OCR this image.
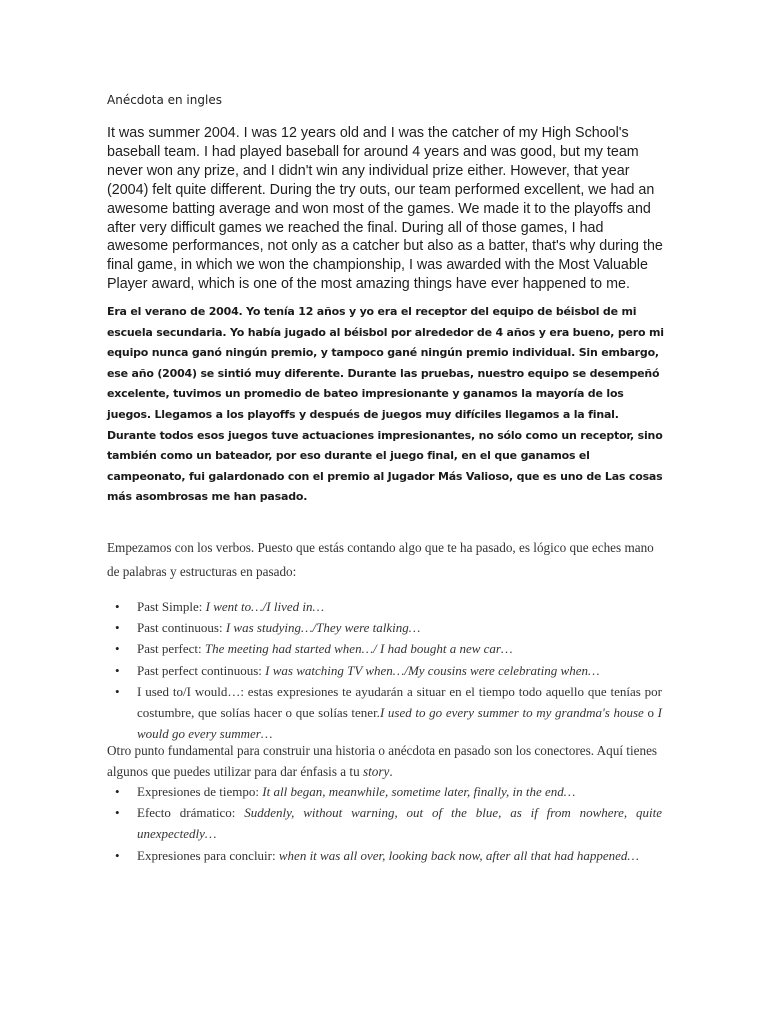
Anécdota en ingles

It was summer 2004. I was 12 years old and I was the catcher of my High School's baseball team. I had played baseball for around 4 years and was good, but my team never won any prize, and I didn't win any individual prize either. However, that year (2004) felt quite different. During the try outs, our team performed excellent, we had an awesome batting average and won most of the games. We made it to the playoffs and after very difficult games we reached the final. During all of those games, I had awesome performances, not only as a catcher but also as a batter, that's why during the final game, in which we won the championship, I was awarded with the Most Valuable Player award, which is one of the most amazing things have ever happened to me.

Era el verano de 2004. Yo tenía 12 años y yo era el receptor del equipo de béisbol de mi escuela secundaria. Yo había jugado al béisbol por alrededor de 4 años y era bueno, pero mi equipo nunca ganó ningún premio, y tampoco gané ningún premio individual. Sin embargo, ese año (2004) se sintió muy diferente. Durante las pruebas, nuestro equipo se desempeñó excelente, tuvimos un promedio de bateo impresionante y ganamos la mayoría de los juegos. Llegamos a los playoffs y después de juegos muy difíciles llegamos a la final. Durante todos esos juegos tuve actuaciones impresionantes, no sólo como un receptor, sino también como un bateador, por eso durante el juego final, en el que ganamos el campeonato, fui galardonado con el premio al Jugador Más Valioso, que es uno de Las cosas más asombrosas me han pasado.

Empezamos con los verbos. Puesto que estás contando algo que te ha pasado, es lógico que eches mano de palabras y estructuras en pasado:

• Past Simple: I went to…/I lived in…
• Past continuous: I was studying…/They were talking…
• Past perfect: The meeting had started when…/ I had bought a new car…
• Past perfect continuous: I was watching TV when…/My cousins were celebrating when…
• I used to/I would…: estas expresiones te ayudarán a situar en el tiempo todo aquello que tenías por costumbre, que solías hacer o que solías tener.I used to go every summer to my grandma's house o I would go every summer…

Otro punto fundamental para construir una historia o anécdota en pasado son los conectores. Aquí tienes algunos que puedes utilizar para dar énfasis a tu story.

• Expresiones de tiempo: It all began, meanwhile, sometime later, finally, in the end…
• Efecto drámatico: Suddenly, without warning, out of the blue, as if from nowhere, quite unexpectedly…
• Expresiones para concluir: when it was all over, looking back now, after all that had happened…
